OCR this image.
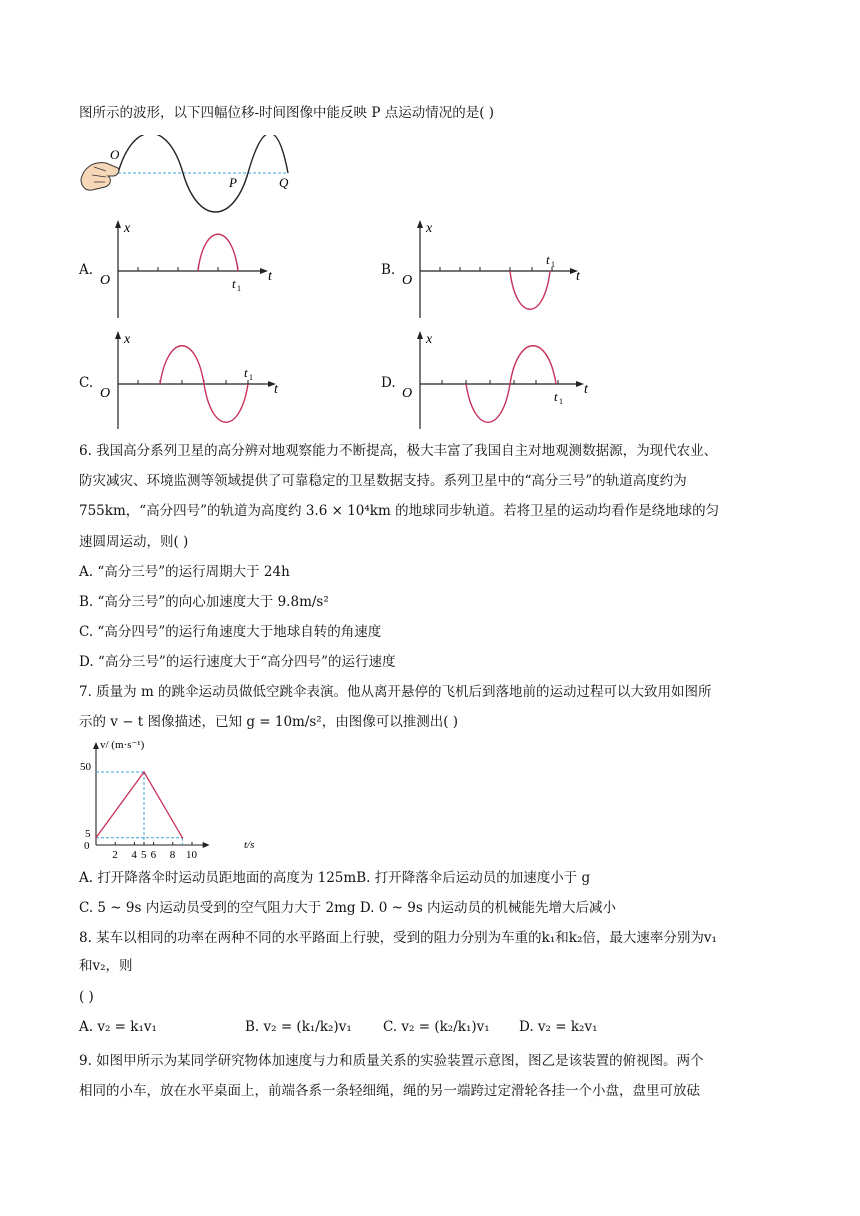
图所示的波形，以下四幅位移-时间图像中能反映 P 点运动情况的是( )
O
P	Q
A.
x
t
O	t 1
B.
x
t
O
t 1
C.
x
t
O
t 1	D.
x
t
O	t 1
6. 我国高分系列卫星的高分辨对地观察能力不断提高，极大丰富了我国自主对地观测数据源，为现代农业、
防灾减灾、环境监测等领域提供了可靠稳定的卫星数据支持。系列卫星中的“高分三号”的轨道高度约为
755km，“高分四号”的轨道为高度约 3.6 × 10⁴km 的地球同步轨道。若将卫星的运动均看作是绕地球的匀
速圆周运动，则( )
A. “高分三号”的运行周期大于 24h
B. “高分三号”的向心加速度大于 9.8m/s²
C. “高分四号”的运行角速度大于地球自转的角速度
D. “高分三号”的运行速度大于“高分四号”的运行速度
7. 质量为 m 的跳伞运动员做低空跳伞表演。他从离开悬停的飞机后到落地前的运动过程可以大致用如图所
示的 v − t 图像描述，已知 g = 10m/s²，由图像可以推测出( )
2 4 5 6 8 10
v/ (m·s⁻¹)
t/s
50
5
0
A. 打开降落伞时运动员距地面的高度为 125mB. 打开降落伞后运动员的加速度小于 g
C. 5 ~ 9s 内运动员受到的空气阻力大于 2mg D. 0 ~ 9s 内运动员的机械能先增大后减小
8. 某车以相同的功率在两种不同的水平路面上行驶，受到的阻力分别为车重的k₁和k₂倍，最大速率分别为v₁
和v₂，则
( )
A. v₂ = k₁v₁	B. v₂ = (k₁/k₂)v₁ C. v₂ = (k₂/k₁)v₁ D. v₂ = k₂v₁
9. 如图甲所示为某同学研究物体加速度与力和质量关系的实验装置示意图，图乙是该装置的俯视图。两个
相同的小车，放在水平桌面上，前端各系一条轻细绳，绳的另一端跨过定滑轮各挂一个小盘，盘里可放砝
